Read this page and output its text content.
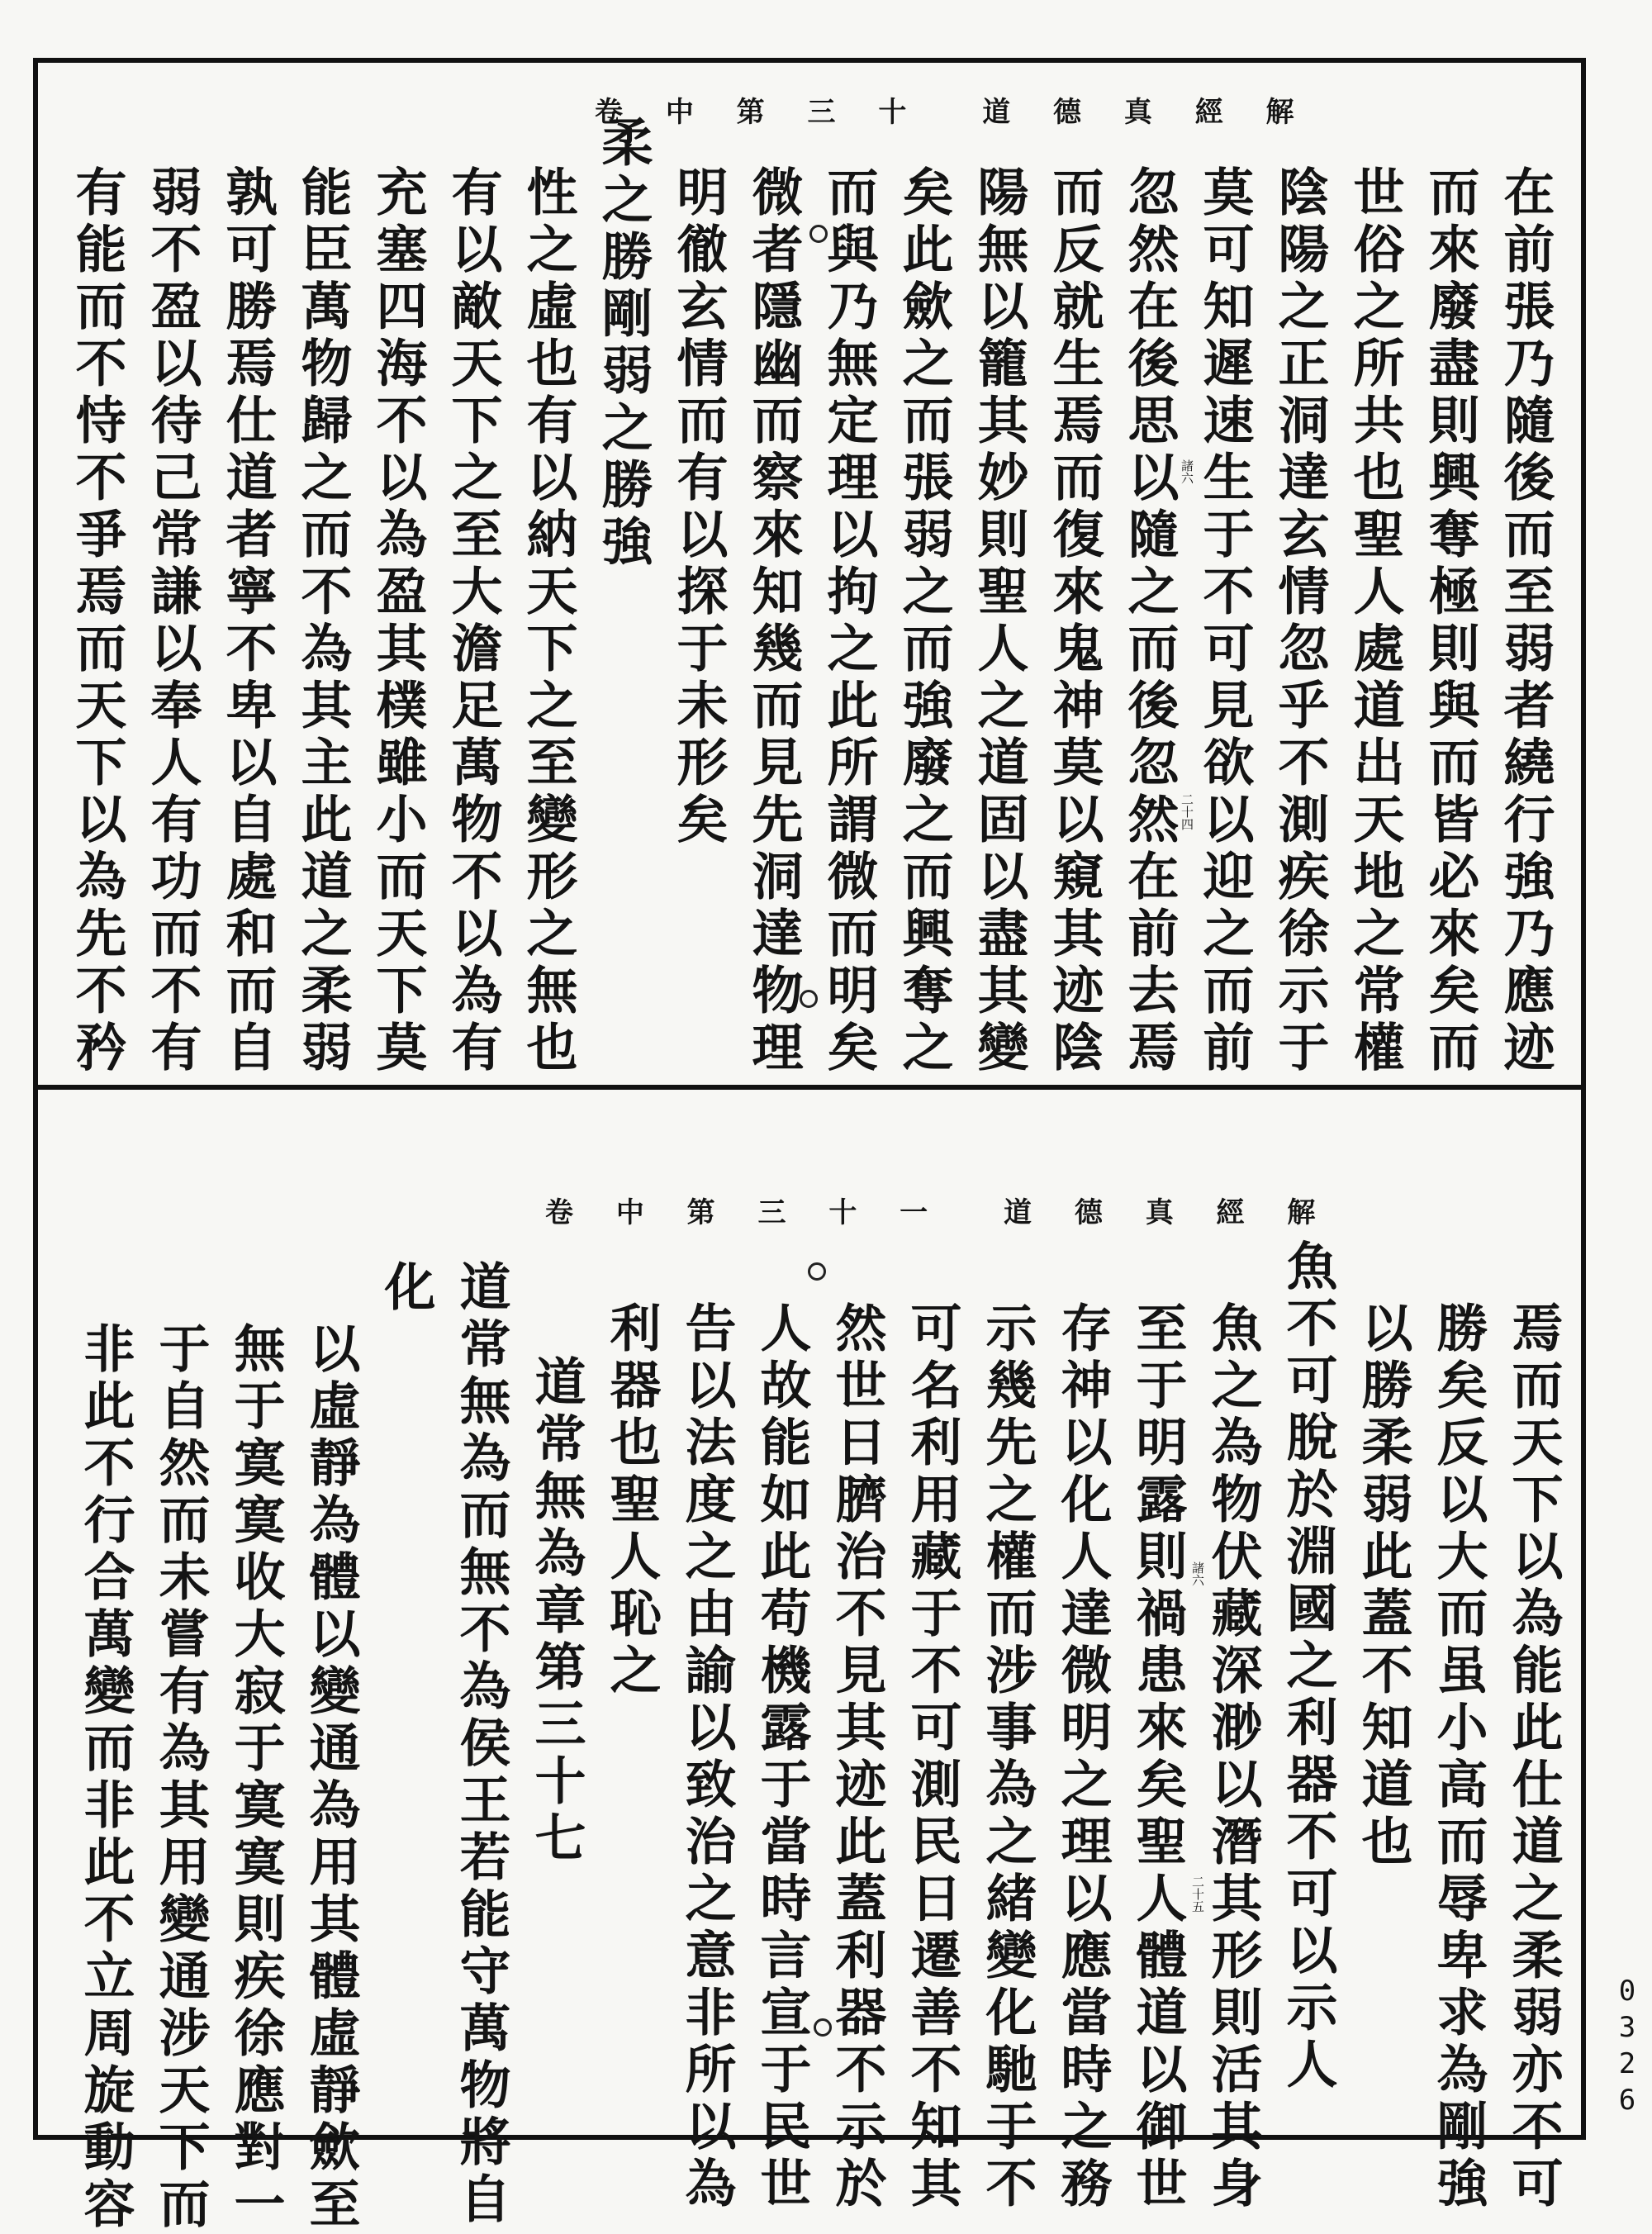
卷 中 第 三 十 道 德 真 經 解
在前張乃隨後而至弱者繞行強乃應迹
而來廢盡則興奪極則與而皆必來矣而
世俗之所共也聖人處道出天地之常權
陰陽之正洞達玄情忽乎不測疾徐示于
莫可知遲速生于不可見欲以迎之而前
忽然在後思以隨之而後忽然在前去焉
而反就生焉而復來鬼神莫以窺其迹陰
陽無以籠其妙則聖人之道固以盡其變
矣此歛之而張弱之而強廢之而興奪之
而與乃無定理以拘之此所謂微而明矣
微者隱幽而察來知幾而見先洞達物理
明徹玄情而有以探于未形矣
柔之勝剛弱之勝強
性之虛也有以納天下之至變形之無也
有以敵天下之至大澹足萬物不以為有
充塞四海不以為盈其樸雖小而天下莫
能臣萬物歸之而不為其主此道之柔弱
孰可勝焉仕道者寧不卑以自處和而自
弱不盈以待己常謙以奉人有功而不有
有能而不恃不爭焉而天下以為先不矜	諸六
二十四
卷 中 第 三 十 一 道 德 真 經 解
焉而天下以為能此仕道之柔弱亦不可
勝矣反以大而虽小高而辱卑求為剛強
以勝柔弱此蓋不知道也
魚不可脫於淵國之利器不可以示人
魚之為物伏藏深渺以潛其形則活其身
至于明露則禍患來矣聖人體道以御世
存神以化人達微明之理以應當時之務
示幾先之權而涉事為之緒變化馳于不
可名利用藏于不可測民日遷善不知其
然世日臍治不見其迹此蓋利器不示於
人故能如此苟機露于當時言宣于民世
告以法度之由諭以致治之意非所以為
利器也聖人恥之
道常無為章第三十七
道常無為而無不為侯王若能守萬物將自
化
以虛靜為體以變通為用其體虛靜歛至
無于寞寞收大寂于寞寞則疾徐應對一
于自然而未嘗有為其用變通涉天下而
非此不行合萬變而非此不立周旋動容	諸六
二十五
0326
